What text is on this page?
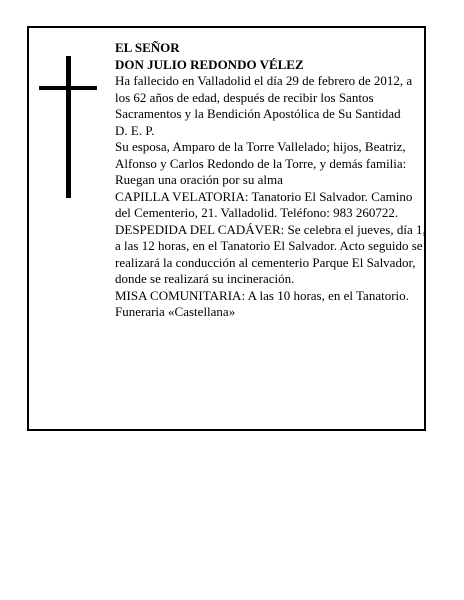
EL SEÑOR

DON JULIO REDONDO VÉLEZ

Ha fallecido en Valladolid el día 29 de febrero de 2012, a los 62 años de edad, después de recibir los Santos Sacramentos y la Bendición Apostólica de Su Santidad

D. E. P.

Su esposa, Amparo de la Torre Vallelado; hijos, Beatriz, Alfonso y Carlos Redondo de la Torre, y demás familia:

Ruegan una oración por su alma

CAPILLA VELATORIA: Tanatorio El Salvador. Camino del Cementerio, 21. Valladolid. Teléfono: 983 260722.

DESPEDIDA DEL CADÁVER: Se celebra el jueves, día 1, a las 12 horas, en el Tanatorio El Salvador. Acto seguido se realizará la conducción al cementerio Parque El Salvador, donde se realizará su incineración.

MISA COMUNITARIA: A las 10 horas, en el Tanatorio.

Funeraria «Castellana»
